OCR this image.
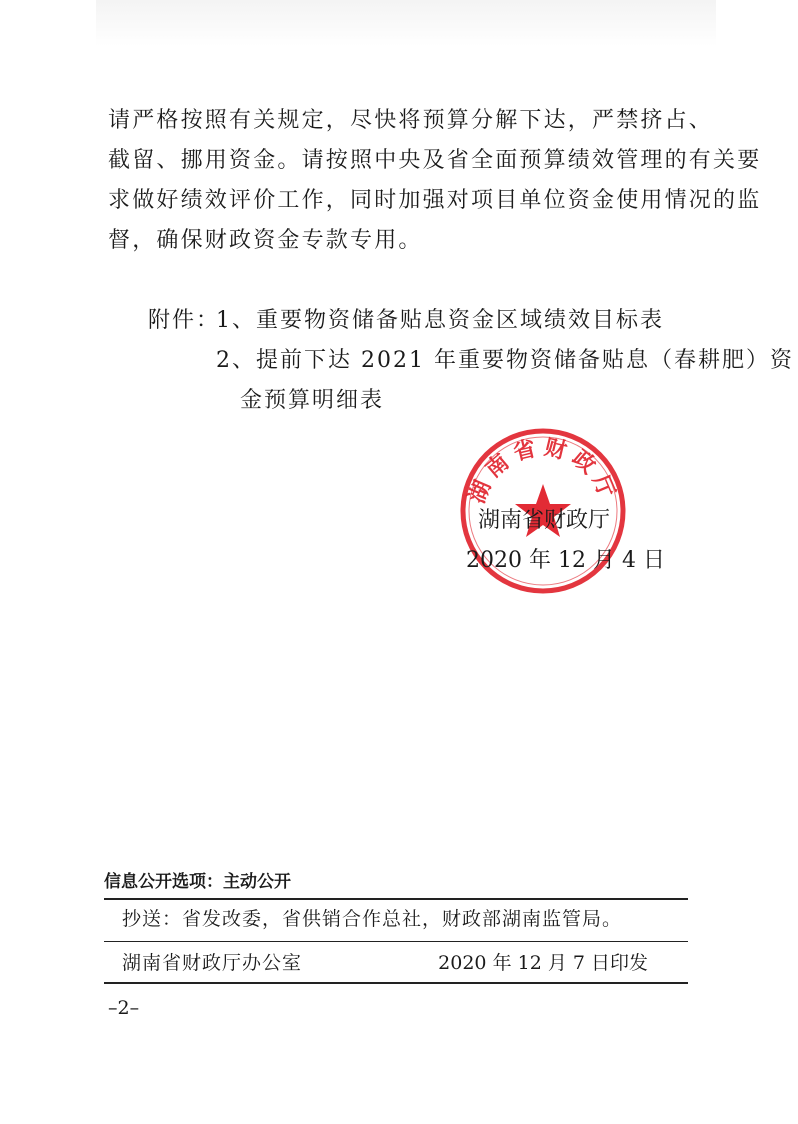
请严格按照有关规定，尽快将预算分解下达，严禁挤占、
截留、挪用资金。请按照中央及省全面预算绩效管理的有关要
求做好绩效评价工作，同时加强对项目单位资金使用情况的监
督，确保财政资金专款专用。
附件：
1、重要物资储备贴息资金区域绩效目标表
2、提前下达 2021 年重要物资储备贴息（春耕肥）资
金预算明细表
湖南省财政厅
湖南省财政厅
2020 年 12 月 4 日
信息公开选项：主动公开
抄送：省发改委，省供销合作总社，财政部湖南监管局。
湖南省财政厅办公室	2020 年 12 月 7 日印发
–2–
